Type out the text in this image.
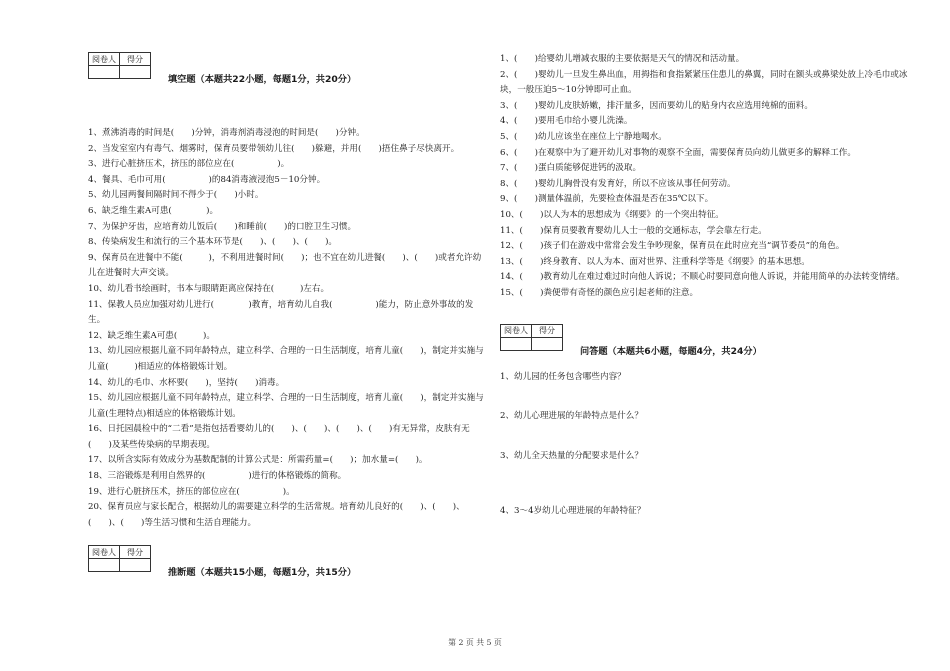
阅卷人	得分

填空题（本题共22小题，每题1分，共20分）

1、煮沸消毒的时间是(　　)分钟，消毒剂消毒浸泡的时间是(　　)分钟。

2、当发室室内有毒气、烟雾时，保育员要带领幼儿往(　　)躲避，并用(　　)捂住鼻子尽快离开。

3、进行心脏挤压术，挤压的部位应在(　　　　　)。

4、餐具、毛巾可用(　　　　　)的84消毒液浸泡5－10分钟。

5、幼儿园两餐间隔时间不得少于(　　)小时。

6、缺乏维生素A可患(　　　　)。

7、为保护牙齿，应培育幼儿饭后(　　)和睡前(　　)的口腔卫生习惯。

8、传染病发生和流行的三个基本环节是(　　)、(　　)、(　　)。

9、保育员在进餐中不能(　　　)，不利用进餐时间(　　)；也不宜在幼儿进餐(　　)、(　　)或者允许幼儿在进餐时大声交谈。

10、幼儿看书绘画时，书本与眼睛距离应保持在(　　　)左右。

11、保教人员应加强对幼儿进行(　　　　)教育，培育幼儿自我(　　　　　)能力，防止意外事故的发生。

12、缺乏维生素A可患(　　　)。

13、幼儿园应根据儿童不同年龄特点，建立科学、合理的一日生活制度，培育儿童(　　)，制定并实施与儿童(　　　)相适应的体格锻炼计划。

14、幼儿的毛巾、水杯要(　　)，坚持(　　)消毒。

15、幼儿园应根据儿童不同年龄特点，建立科学、合理的一日生活制度，培育儿童(　　)，制定并实施与儿童(生理特点)相适应的体格锻炼计划。

16、日托园晨检中的“二看”是指包括看婴幼儿的(　　)、(　　)、(　　)、(　　)有无异常，皮肤有无(　　)及某些传染病的早期表现。

17、以所含实际有效成分为基数配制的计算公式是：所需药量=(　　)；加水量=(　　)。

18、三浴锻炼是利用自然界的(　　　　　)进行的体格锻炼的简称。

19、进行心脏挤压术，挤压的部位应在(　　　　　)。

20、保育员应与家长配合，根据幼儿的需要建立科学的生活常规。培育幼儿良好的(　　)、(　　)、(　　)、(　　)等生活习惯和生活自理能力。

阅卷人	得分

推断题（本题共15小题，每题1分，共15分）

1、(　　)给婴幼儿增减衣服的主要依据是天气的情况和活动量。

2、(　　)婴幼儿一旦发生鼻出血，用拇指和食指紧紧压住患儿的鼻翼，同时在额头或鼻梁处放上冷毛巾或冰块，一般压迫5～10分钟即可止血。

3、(　　)婴幼儿皮肤娇嫩，排汗量多，因而要幼儿的贴身内衣应选用纯棉的面料。

4、(　　)要用毛巾给小婴儿洗澡。

5、(　　)幼儿应该坐在座位上宁静地喝水。

6、(　　)在观察中为了避开幼儿对事物的观察不全面，需要保育员向幼儿做更多的解释工作。

7、(　　)蛋白质能够促进钙的汲取。

8、(　　)婴幼儿胸骨没有发育好，所以不应该从事任何劳动。

9、(　　)测量体温前，先要检查体温是否在35℃以下。

10、(　　)以人为本的思想成为《纲要》的一个突出特征。

11、(　　)保育员要教育婴幼儿人士一般的交通标志，学会靠左行走。

12、(　　)孩子们在游戏中常常会发生争吵现象，保育员在此时应充当“调节委员”的角色。

13、(　　)终身教育、以人为本、面对世界、注重科学等是《纲要》的基本思想。

14、(　　)教育幼儿在难过难过时向他人诉说；不顺心时要同意向他人诉说，并能用简单的办法转变情绪。

15、(　　)粪便带有奇怪的颜色应引起老师的注意。

阅卷人	得分

问答题（本题共6小题，每题4分，共24分）

1、幼儿园的任务包含哪些内容？

2、幼儿心理进展的年龄特点是什么？

3、幼儿全天热量的分配要求是什么？

4、3～4岁幼儿心理进展的年龄特征？

第 2 页 共 5 页
